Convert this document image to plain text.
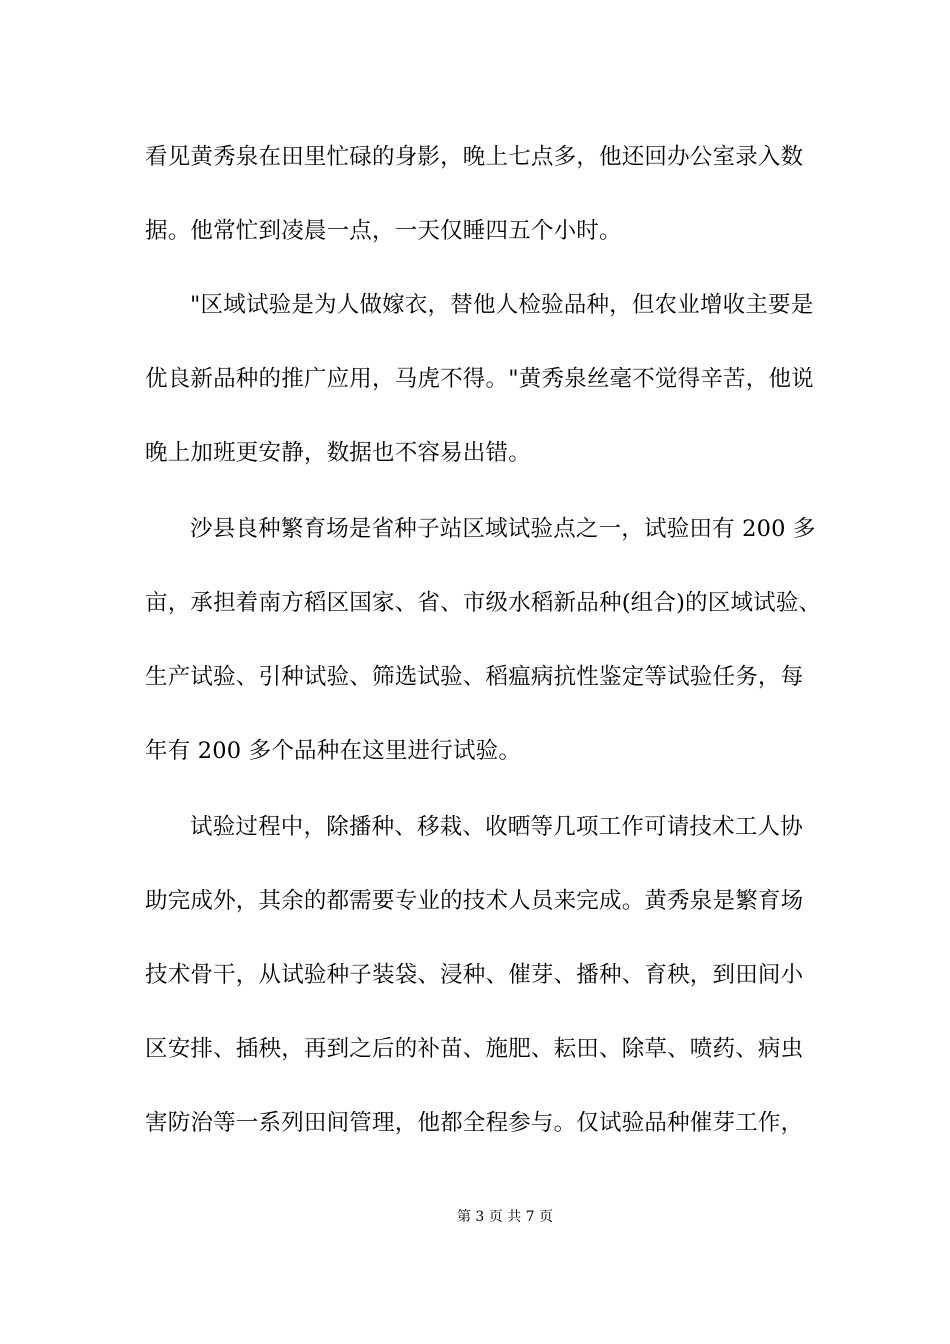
看见黄秀泉在田里忙碌的身影，晚上七点多，他还回办公室录入数
据。他常忙到凌晨一点，一天仅睡四五个小时。
"区域试验是为人做嫁衣，替他人检验品种，但农业增收主要是
优良新品种的推广应用，马虎不得。"黄秀泉丝毫不觉得辛苦，他说
晚上加班更安静，数据也不容易出错。
沙县良种繁育场是省种子站区域试验点之一，试验田有 200 多
亩，承担着南方稻区国家、省、市级水稻新品种(组合)的区域试验、
生产试验、引种试验、筛选试验、稻瘟病抗性鉴定等试验任务，每
年有 200 多个品种在这里进行试验。
试验过程中，除播种、移栽、收晒等几项工作可请技术工人协
助完成外，其余的都需要专业的技术人员来完成。黄秀泉是繁育场
技术骨干，从试验种子装袋、浸种、催芽、播种、育秧，到田间小
区安排、插秧，再到之后的补苗、施肥、耘田、除草、喷药、病虫
害防治等一系列田间管理，他都全程参与。仅试验品种催芽工作，
第 3 页 共 7 页
